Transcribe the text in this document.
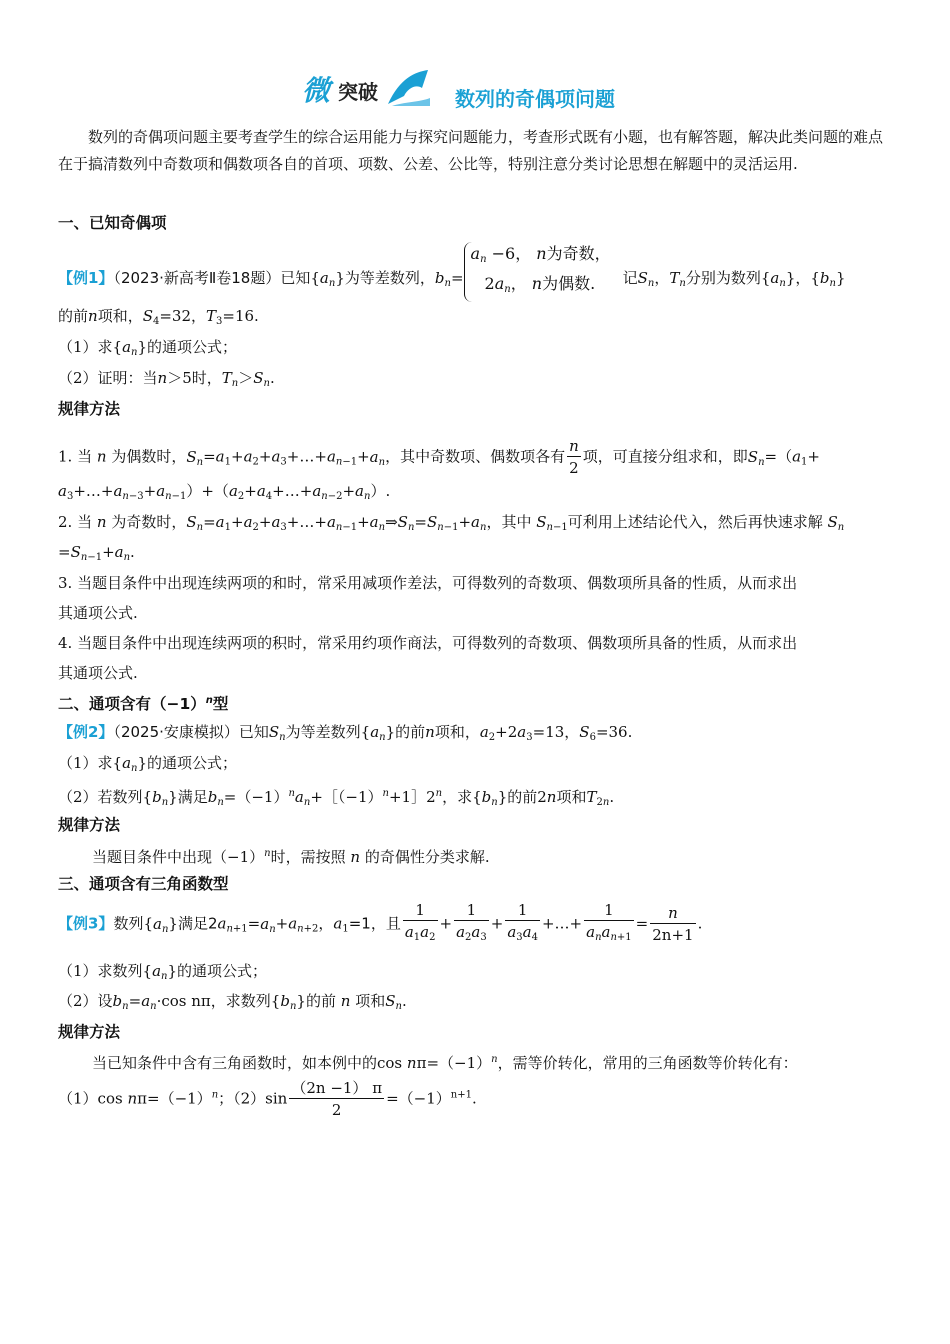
微 突破	数列的奇偶项问题
数列的奇偶项问题主要考查学生的综合运用能力与探究问题能力，考查形式既有小题，也有解答题，解决此类问题的难点在于搞清数列中奇数项和偶数项各自的首项、项数、公差、公比等，特别注意分类讨论思想在解题中的灵活运用.
一、已知奇偶项
【例1】（2023·新高考Ⅱ卷18题）已知$\{a_n\}$为等差数列，$b_n=$
$a_n -6$， n为奇数，
$2a_n$， n为偶数.	记$S_n$，$T_n$分别为数列$\{a_n\}$，$\{b_n\}$
的前n项和，$S_4=32$，$T_3=16$.
（1）求$\{a_n\}$的通项公式；
（2）证明：当n＞5时，$T_n>S_n$.
规律方法
1. 当 n 为偶数时，$S_n=a_1+a_2+a_3+\dots+a_{n-1}+a_n$，其中奇数项、偶数项各有 $\frac{n}{2}$ 项，可直接分组求和，即$S_n=(a_1+$
$a_3+\dots+a_{n-3}+a_{n-1})+(a_2+a_4+\dots+a_{n-2}+a_n)$.
2. 当 n 为奇数时，$S_n=a_1+a_2+a_3+\dots+a_{n-1}+a_n\Rightarrow S_n=S_{n-1}+a_n$，其中 $S_{n-1}$可利用上述结论代入，然后再快速求解 $S_n$
$=S_{n-1}+a_n$.
3. 当题目条件中出现连续两项的和时，常采用减项作差法，可得数列的奇数项、偶数项所具备的性质，从而求出
其通项公式.
4. 当题目条件中出现连续两项的积时，常采用约项作商法，可得数列的奇数项、偶数项所具备的性质，从而求出
其通项公式.
二、通项含有$(-1)^n$型
【例2】（2025·安康模拟）已知$S_n$为等差数列$\{a_n\}$的前n项和，$a_2+2a_3=13$，$S_6=36$.
（1）求$\{a_n\}$的通项公式；
（2）若数列$\{b_n\}$满足$b_n=(-1)^na_n+[(-1)^n+1]2^n$，求$\{b_n\}$的前2n项和$T_{2n}$.
规律方法
当题目条件中出现$(-1)^n$时，需按照 n 的奇偶性分类求解.
三、通项含有三角函数型
【例3】数列$\{a_n\}$满足$2a_{n+1}=a_n+a_{n+2}$，$a_1=1$，且 $\frac{1}{a_1a_2} + \frac{1}{a_2a_3} + \frac{1}{a_3a_4}$ +…+ $\frac{1}{a_na_{n+1}} = \frac{n}{2n+1}$ .
（1）求数列$\{a_n\}$的通项公式；
（2）设$b_n=a_n\cdot\cos$ nπ，求数列$\{b_n\}$的前 n 项和$S_n$.
规律方法
当已知条件中含有三角函数时，如本例中的$\cos n\pi=(-1)^n$，需等价转化，常用的三角函数等价转化有：
（1）cos $n\pi=(-1)^n$；$(2)\sin \frac{(2n -1) \pi}{2} =(-1)^{n+1}$.
